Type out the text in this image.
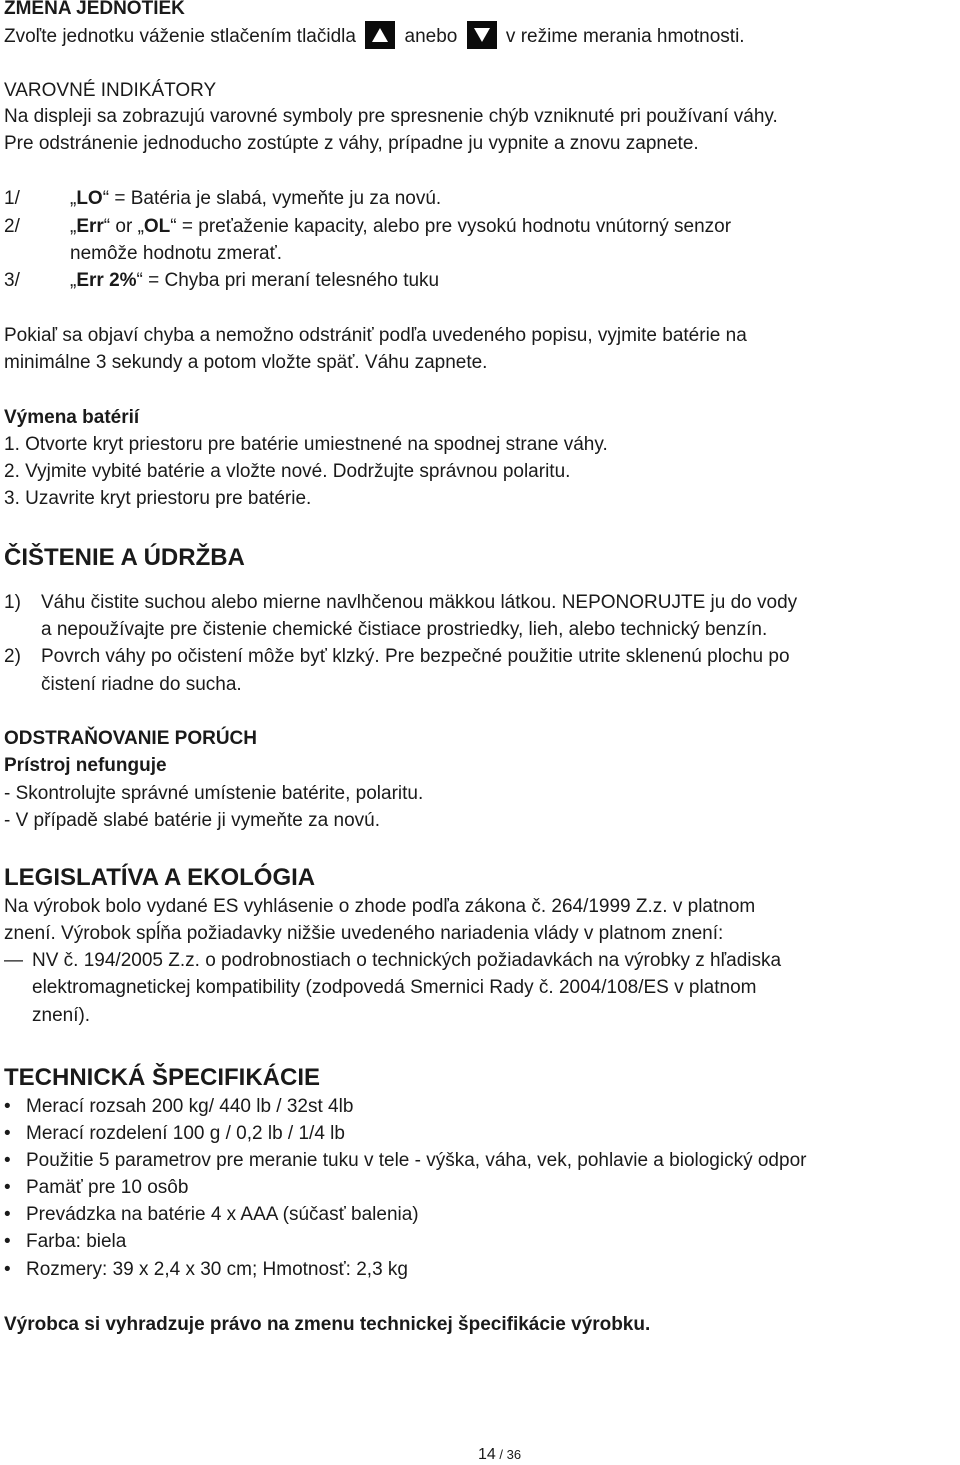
ZMENA JEDNOTIEK
Zvoľte jednotku váženie stlačením tlačidla	anebo	v režime merania hmotnosti.
VAROVNÉ INDIKÁTORY
Na displeji sa zobrazujú varovné symboly pre spresnenie chýb vzniknuté pri používaní váhy.
Pre odstránenie jednoducho zostúpte z váhy, prípadne ju vypnite a znovu zapnete.
1/	„LO“ = Batéria je slabá, vymeňte ju za novú.
2/	„Err“ or „OL“ = preťaženie kapacity, alebo pre vysokú hodnotu vnútorný senzor
nemôže hodnotu zmerať.
3/	„Err 2%“ = Chyba pri meraní telesného tuku
Pokiaľ sa objaví chyba a nemožno odstrániť podľa uvedeného popisu, vyjmite batérie na
minimálne 3 sekundy a potom vložte späť. Váhu zapnete.
Výmena batérií
1. Otvorte kryt priestoru pre batérie umiestnené na spodnej strane váhy.
2. Vyjmite vybité batérie a vložte nové. Dodržujte správnou polaritu.
3. Uzavrite kryt priestoru pre batérie.
ČIŠTENIE A ÚDRŽBA
1) Váhu čistite suchou alebo mierne navlhčenou mäkkou látkou. NEPONORUJTE ju do vody
a nepoužívajte pre čistenie chemické čistiace prostriedky, lieh, alebo technický benzín.
2) Povrch váhy po očistení môže byť klzký. Pre bezpečné použitie utrite sklenenú plochu po
čistení riadne do sucha.
ODSTRAŇOVANIE PORÚCH
Prístroj nefunguje
- Skontrolujte správné umístenie batérite, polaritu.
- V případě slabé batérie ji vymeňte za novú.
LEGISLATÍVA A EKOLÓGIA
Na výrobok bolo vydané ES vyhlásenie o zhode podľa zákona č. 264/1999 Z.z. v platnom
znení. Výrobok spĺňa požiadavky nižšie uvedeného nariadenia vlády v platnom znení:
— NV č. 194/2005 Z.z. o podrobnostiach o technických požiadavkách na výrobky z hľadiska
elektromagnetickej kompatibility (zodpovedá Smernici Rady č. 2004/108/ES v platnom
znení).
TECHNICKÁ ŠPECIFIKÁCIE
• Merací rozsah 200 kg/ 440 lb / 32st 4lb
• Merací rozdelení 100 g / 0,2 lb / 1/4 lb
• Použitie 5 parametrov pre meranie tuku v tele - výška, váha, vek, pohlavie a biologický odpor
• Pamäť pre 10 osôb
• Prevádzka na batérie 4 x AAA (súčasť balenia)
• Farba: biela
• Rozmery: 39 x 2,4 x 30 cm; Hmotnosť: 2,3 kg
Výrobca si vyhradzuje právo na zmenu technickej špecifikácie výrobku.
14 / 36
